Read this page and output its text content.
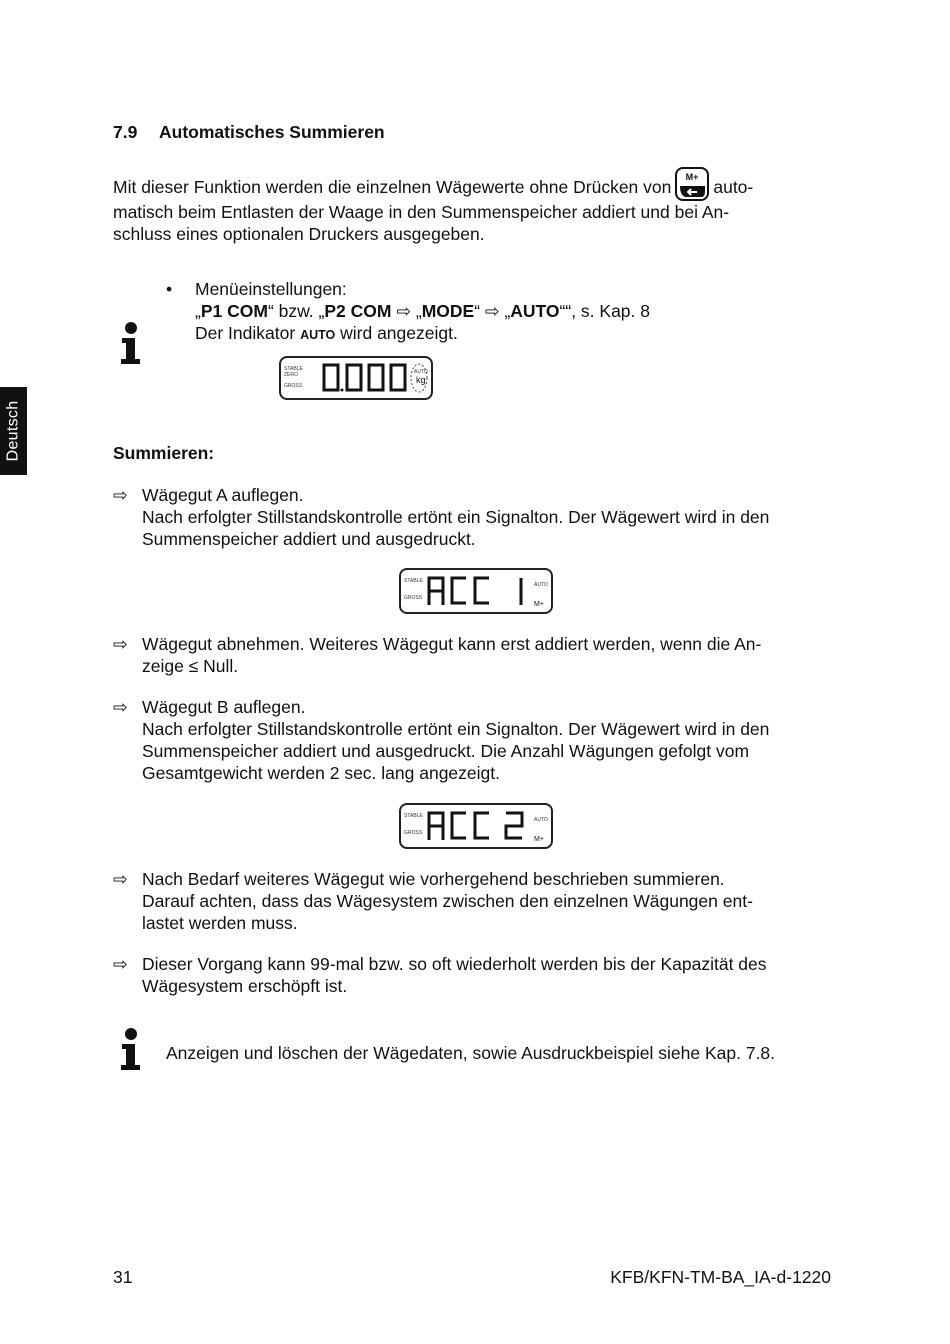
7.9 Automatisches Summieren
Mit dieser Funktion werden die einzelnen Wägewerte ohne Drücken von M+ auto-
matisch beim Entlasten der Waage in den Summenspeicher addiert und bei An-
schluss eines optionalen Druckers ausgegeben.
Deutsch
• Menüeinstellungen:
„P1 COM“ bzw. „P2 COM ⇨ „MODE“ ⇨ „AUTO““, s. Kap. 8
Der Indikator AUTO wird angezeigt.
STABLE
ZERO
GROSS
AUTO
kg
Summieren:
⇨ Wägegut A auflegen.
Nach erfolgter Stillstandskontrolle ertönt ein Signalton. Der Wägewert wird in den
Summenspeicher addiert und ausgedruckt.
STABLE
GROSS
AUTO
M+
⇨ Wägegut abnehmen. Weiteres Wägegut kann erst addiert werden, wenn die An-
zeige ≤ Null.
⇨ Wägegut B auflegen.
Nach erfolgter Stillstandskontrolle ertönt ein Signalton. Der Wägewert wird in den
Summenspeicher addiert und ausgedruckt. Die Anzahl Wägungen gefolgt vom
Gesamtgewicht werden 2 sec. lang angezeigt.
STABLE
GROSS
AUTO
M+
⇨ Nach Bedarf weiteres Wägegut wie vorhergehend beschrieben summieren.
Darauf achten, dass das Wägesystem zwischen den einzelnen Wägungen ent-
lastet werden muss.
⇨ Dieser Vorgang kann 99-mal bzw. so oft wiederholt werden bis der Kapazität des
Wägesystem erschöpft ist.
Anzeigen und löschen der Wägedaten, sowie Ausdruckbeispiel siehe Kap. 7.8.
31	KFB/KFN-TM-BA_IA-d-1220
